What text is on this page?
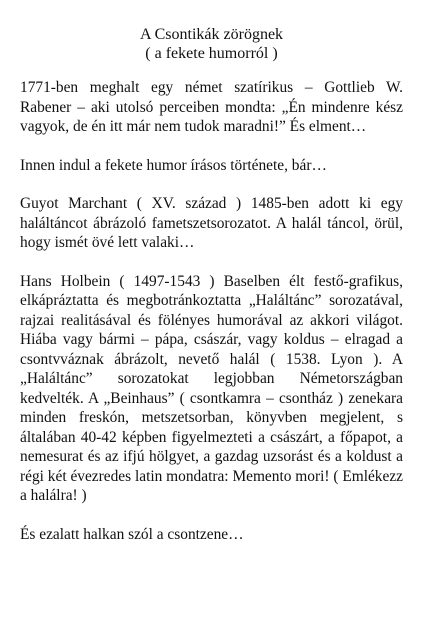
A Csontikák zörögnek
( a fekete humorról )

1771-ben meghalt egy német szatírikus – Gottlieb W. Rabener – aki utolsó perceiben mondta: „Én mindenre kész vagyok, de én itt már nem tudok maradni!” És elment…

Innen indul a fekete humor írásos története, bár…

Guyot Marchant ( XV. század ) 1485-ben adott ki egy haláltáncot ábrázoló fametszetsorozatot. A halál táncol, örül, hogy ismét övé lett valaki…

Hans Holbein ( 1497-1543 ) Baselben élt festő-grafikus, elkápráztatta és megbotránkoztatta „Haláltánc” sorozatával, rajzai realitásával és fölényes humorával az akkori világot. Hiába vagy bármi – pápa, császár, vagy koldus – elragad a csontvváznak ábrázolt, nevető halál ( 1538. Lyon ). A „Haláltánc” sorozatokat legjobban Németországban kedvelték. A „Beinhaus” ( csontkamra – csontház ) zenekara minden freskón, metszetsorban, könyvben megjelent, s általában 40-42 képben figyelmezteti a császárt, a főpapot, a nemesurat és az ifjú hölgyet, a gazdag uzsorást és a koldust a régi két évezredes latin mondatra: Memento mori! ( Emlékezz a halálra! )

És ezalatt halkan szól a csontzene…
